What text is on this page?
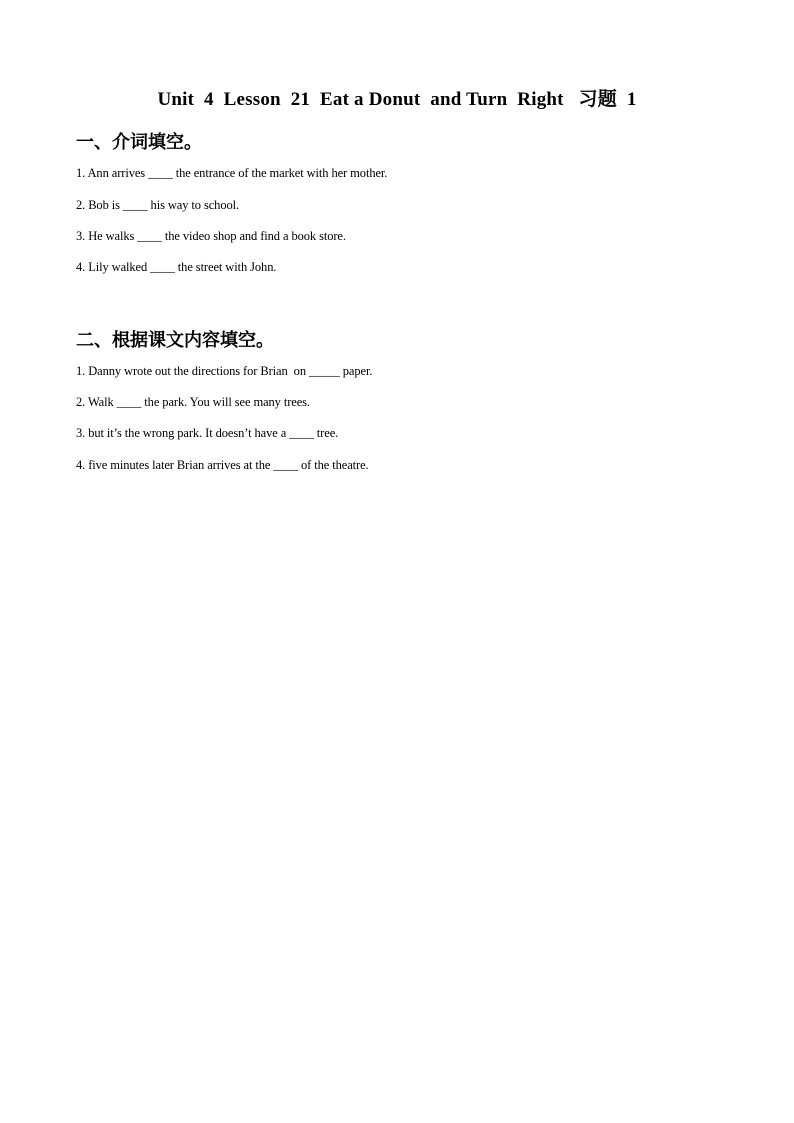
Unit  4  Lesson  21  Eat a Donut  and Turn  Right   习题  1
一、介词填空。
1. Ann arrives ____ the entrance of the market with her mother.
2. Bob is ____ his way to school.
3. He walks ____ the video shop and find a book store.
4. Lily walked ____ the street with John.
二、根据课文内容填空。
1. Danny wrote out the directions for Brian  on _____ paper.
2. Walk ____ the park. You will see many trees.
3. but it’s the wrong park. It doesn’t have a ____ tree.
4. five minutes later Brian arrives at the ____ of the theatre.
